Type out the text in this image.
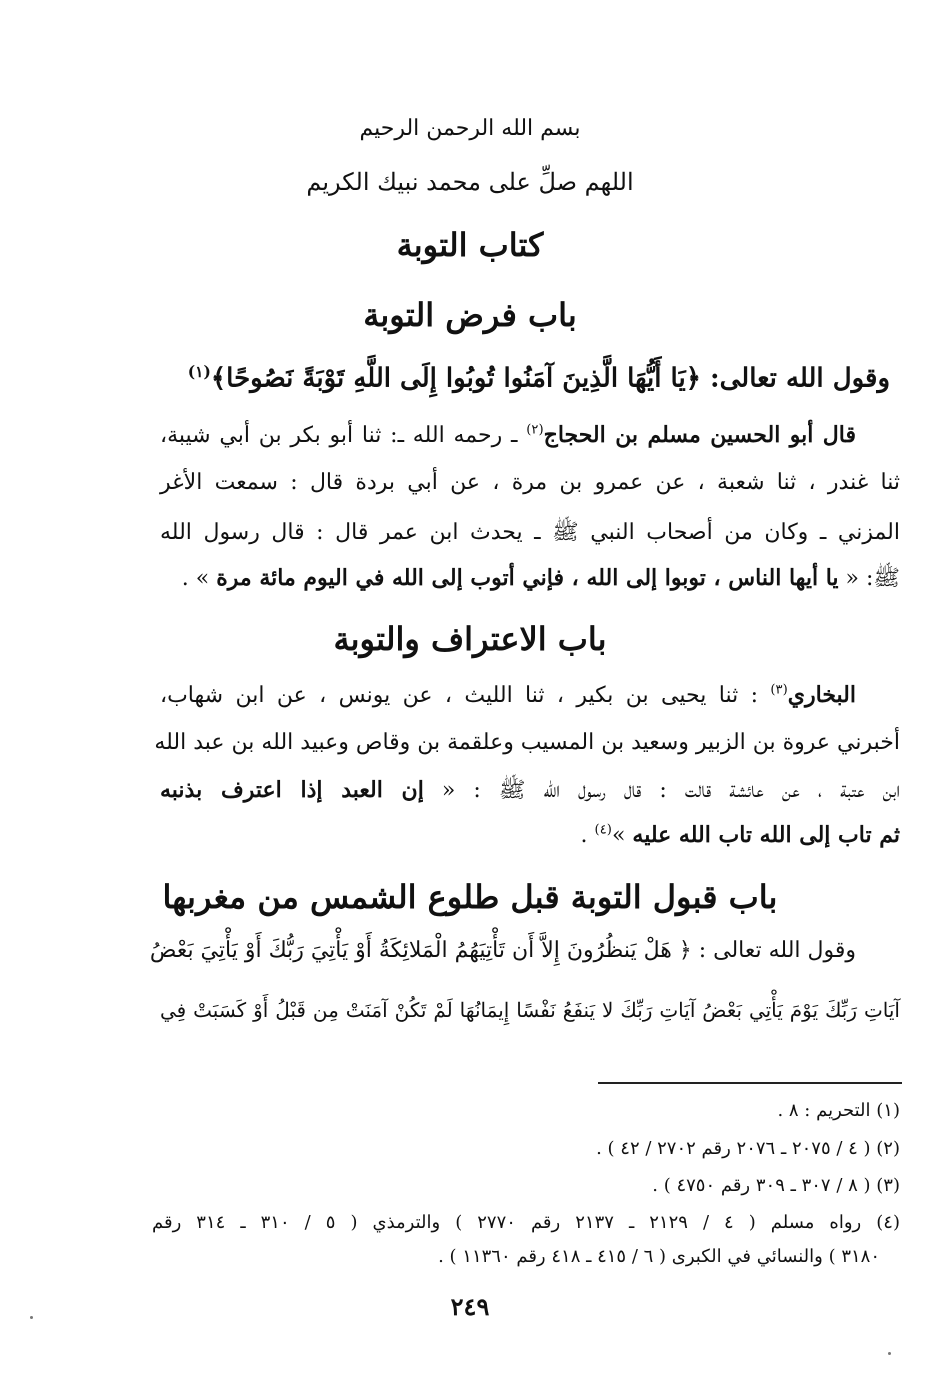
بسم الله الرحمن الرحيم
اللهم صلِّ على محمد نبيك الكريم
كتاب التوبة
باب فرض التوبة
وقول الله تعالى: ﴿يَا أَيُّهَا الَّذِينَ آمَنُوا تُوبُوا إِلَى اللَّهِ تَوْبَةً نَصُوحًا﴾$^{(١)}$
قال أبو الحسين مسلم بن الحجاج$^{(٢)}$ ـ رحمه الله ـ: ثنا أبو بكر بن أبي شيبة،
ثنا غندر ، ثنا شعبة ، عن عمرو بن مرة ، عن أبي بردة قال : سمعت الأغر
المزني ـ وكان من أصحاب النبي ﷺ ـ يحدث ابن عمر قال : قال رسول الله
ﷺ: « يا أيها الناس ، توبوا إلى الله ، فإني أتوب إلى الله في اليوم مائة مرة » .
باب الاعتراف والتوبة
البخاري$^{(٣)}$ : ثنا يحيى بن بكير ، ثنا الليث ، عن يونس ، عن ابن شهاب،
أخبرني عروة بن الزبير وسعيد بن المسيب وعلقمة بن وقاص وعبيد الله بن عبد الله
ابن عتبة ، عن عائشة قالت : قال رسول الله ﷺ : « إن العبد إذا اعترف بذنبه
ثم تاب إلى الله تاب الله عليه »$^{(٤)}$ .
باب قبول التوبة قبل طلوع الشمس من مغربها
وقول الله تعالى : ﴿ هَلْ يَنظُرُونَ إِلاَّ أَن تَأْتِيَهُمُ الْمَلائِكَةُ أَوْ يَأْتِيَ رَبُّكَ أَوْ يَأْتِيَ بَعْضُ
آيَاتِ رَبِّكَ يَوْمَ يَأْتِي بَعْضُ آيَاتِ رَبِّكَ لا يَنفَعُ نَفْسًا إِيمَانُهَا لَمْ تَكُنْ آمَنَتْ مِن قَبْلُ أَوْ كَسَبَتْ فِي
(١) التحريم : ٨ .
(٢) ( ٤ / ٢٠٧٥ ـ ٢٠٧٦ رقم ٢٧٠٢ / ٤٢ ) .
(٣) ( ٨ / ٣٠٧ ـ ٣٠٩ رقم ٤٧٥٠ ) .
(٤) رواه مسلم ( ٤ / ٢١٢٩ ـ ٢١٣٧ رقم ٢٧٧٠ ) والترمذي ( ٥ / ٣١٠ ـ ٣١٤ رقم
٣١٨٠ ) والنسائي في الكبرى ( ٦ / ٤١٥ ـ ٤١٨ رقم ١١٣٦٠ ) .
٢٤٩
